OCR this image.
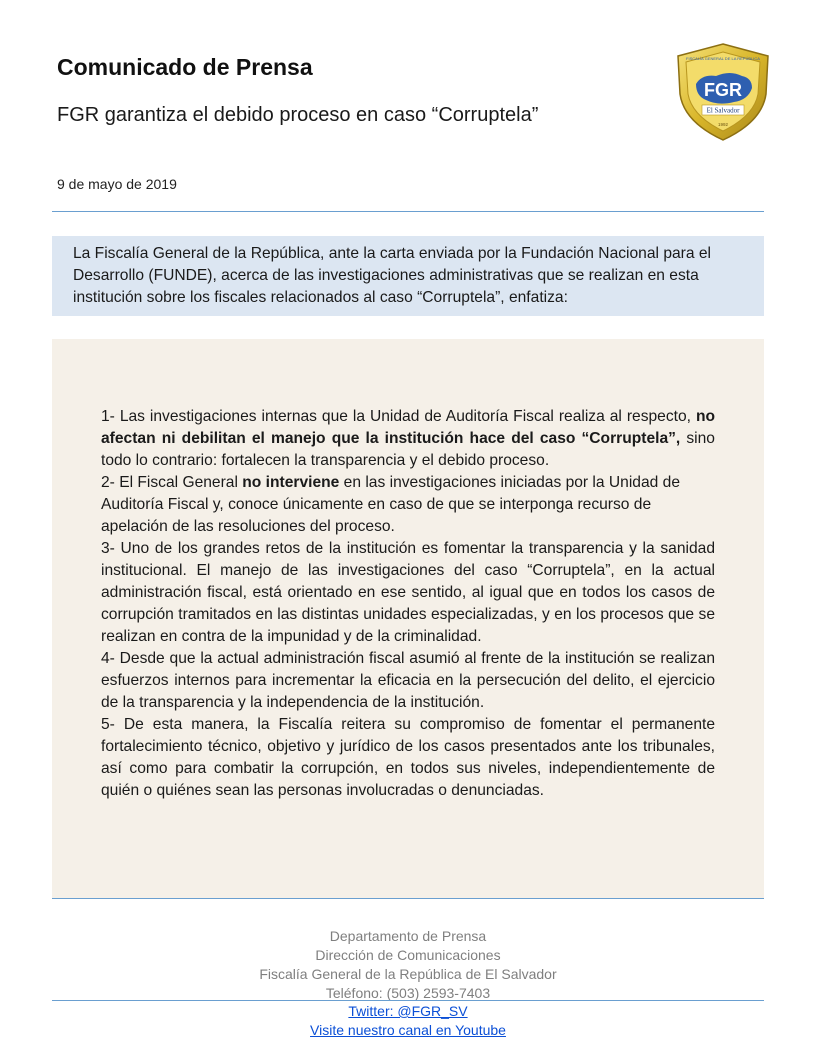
Comunicado de Prensa
FGR garantiza el debido proceso en caso “Corruptela”
9 de mayo de 2019
FGR
FISCALÍA GENERAL DE LA REPÚBLICA
El Salvador
1992
La Fiscalía General de la República, ante la carta enviada por la Fundación Nacional para el
Desarrollo (FUNDE), acerca de las investigaciones administrativas que se realizan en esta
institución sobre los fiscales relacionados al caso “Corruptela”, enfatiza:

1- Las investigaciones internas que la Unidad de Auditoría Fiscal realiza al respecto, no afectan ni debilitan el manejo que la institución hace del caso “Corruptela”, sino todo lo contrario: fortalecen la transparencia y el debido proceso.

2- El Fiscal General no interviene en las investigaciones iniciadas por la Unidad de Auditoría Fiscal y, conoce únicamente en caso de que se interponga recurso de apelación de las resoluciones del proceso.

3- Uno de los grandes retos de la institución es fomentar la transparencia y la sanidad institucional. El manejo de las investigaciones del caso “Corruptela”, en la actual administración fiscal, está orientado en ese sentido, al igual que en todos los casos de corrupción tramitados en las distintas unidades especializadas, y en los procesos que se realizan en contra de la impunidad y de la criminalidad.

4- Desde que la actual administración fiscal asumió al frente de la institución se realizan esfuerzos internos para incrementar la eficacia en la persecución del delito, el ejercicio de la transparencia y la independencia de la institución.

5- De esta manera, la Fiscalía reitera su compromiso de fomentar el permanente fortalecimiento técnico, objetivo y jurídico de los casos presentados ante los tribunales, así como para combatir la corrupción, en todos sus niveles, independientemente de quién o quiénes sean las personas involucradas o denunciadas.

Departamento de Prensa
Dirección de Comunicaciones
Fiscalía General de la República de El Salvador
Teléfono: (503) 2593-7403
Twitter: @FGR_SV
Visite nuestro canal en Youtube
